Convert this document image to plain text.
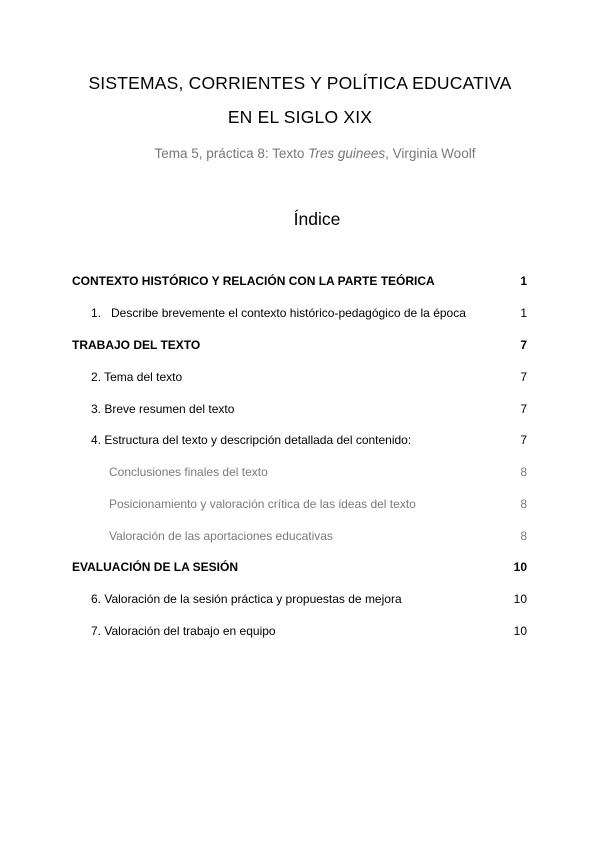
SISTEMAS, CORRIENTES Y POLÍTICA EDUCATIVA
EN EL SIGLO XIX
Tema 5, práctica 8: Texto Tres guinees, Virginia Woolf
Índice
CONTEXTO HISTÓRICO Y RELACIÓN CON LA PARTE TEÓRICA	1
1.   Describe brevemente el contexto histórico-pedagógico de la época	1
TRABAJO DEL TEXTO	7
2. Tema del texto	7
3. Breve resumen del texto	7
4. Estructura del texto y descripción detallada del contenido:	7
Conclusiones finales del texto	8
Posicionamiento y valoración crítica de las ideas del texto	8
Valoración de las aportaciones educativas	8
EVALUACIÓN DE LA SESIÓN	10
6. Valoración de la sesión práctica y propuestas de mejora	10
7. Valoración del trabajo en equipo	10
